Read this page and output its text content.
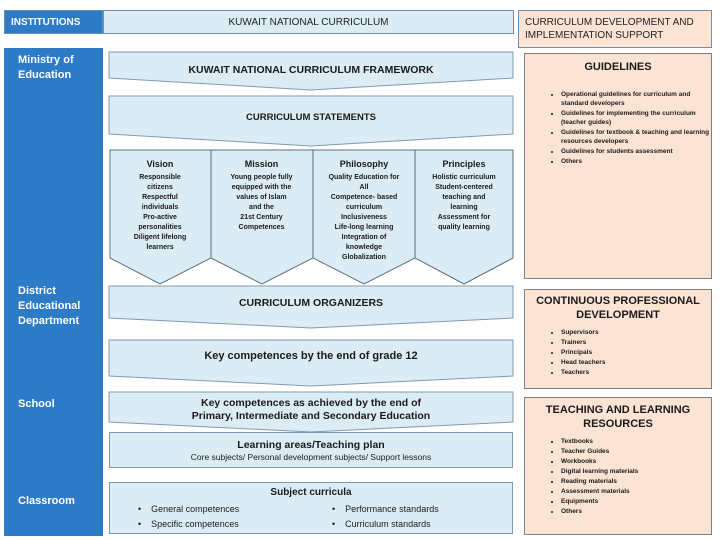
INSTITUTIONS	KUWAIT NATIONAL CURRICULUM	CURRICULUM DEVELOPMENT AND IMPLEMENTATION SUPPORT
Ministry of
Education
District
Educational
Department
School
Classroom
KUWAIT NATIONAL CURRICULUM FRAMEWORK
CURRICULUM STATEMENTS
Vision
Responsible
citizens
Respectful
individuals
Pro-active
personalities
Diligent lifelong
learners
Mission
Young people fully
equipped with the
values of Islam
and the
21st Century
Competences
Philosophy
Quality Education for
All
Competence- based
curriculum
Inclusiveness
Life-long learning
Integration of
knowledge
Globalization
Principles
Holistic curriculum
Student-centered
teaching and
learning
Assessment for
quality learning
CURRICULUM ORGANIZERS
Key competences by the end of grade 12
Key competences as achieved by the end of
Primary, Intermediate and Secondary Education
Learning areas/Teaching plan
Core subjects/ Personal development subjects/ Support lessons
Subject curricula
•    General competences
•    Specific competences
•    Performance standards
•    Curriculum standards
GUIDELINES
• Operational guidelines for curriculum and standard developers
• Guidelines for implementing the curriculum (teacher guides)
• Guidelines for textbook & teaching and learning resources developers
• Guidelines for students assessment
• Others
CONTINUOUS PROFESSIONAL
DEVELOPMENT
• Supervisors
• Trainers
• Principals
• Head teachers
• Teachers
TEACHING AND LEARNING
RESOURCES
• Textbooks
• Teacher Guides
• Workbooks
• Digital learning materials
• Reading materials
• Assessment materials
• Equipments
• Others
